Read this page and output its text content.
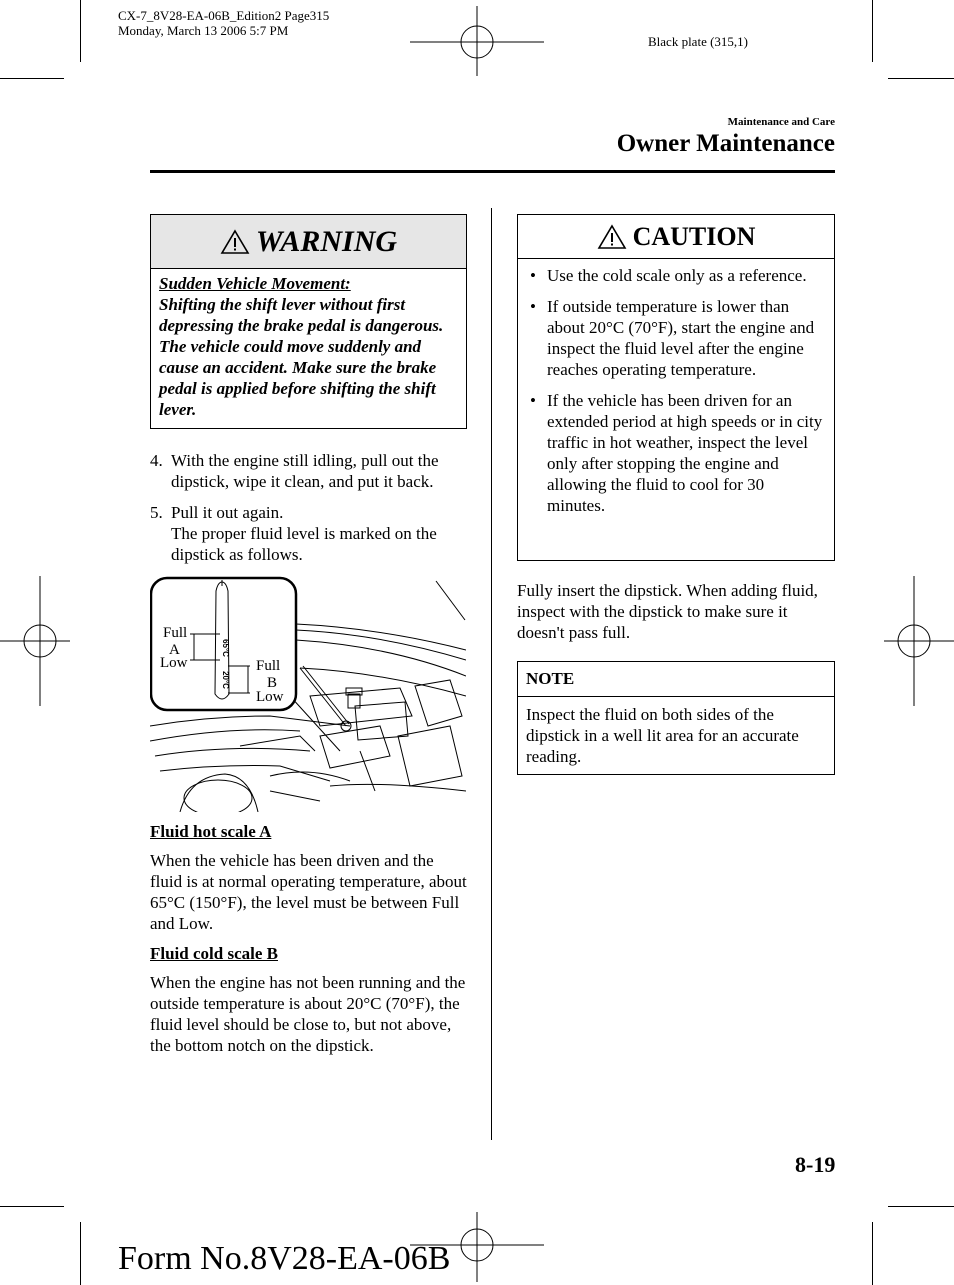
CX-7_8V28-EA-06B_Edition2 Page315
Monday, March 13 2006 5:7 PM
Black plate (315,1)
Maintenance and Care
Owner Maintenance
WARNING
Sudden Vehicle Movement:
Shifting the shift lever without first depressing the brake pedal is dangerous. The vehicle could move suddenly and cause an accident. Make sure the brake pedal is applied before shifting the shift lever.
4. With the engine still idling, pull out the dipstick, wipe it clean, and put it back.
5. Pull it out again.
The proper fluid level is marked on the dipstick as follows.
65°C
20°C
Full
A
Low	Full
B
Low
Fluid hot scale A
When the vehicle has been driven and the fluid is at normal operating temperature, about 65°C (150°F), the level must be between Full and Low.
Fluid cold scale B
When the engine has not been running and the outside temperature is about 20°C (70°F), the fluid level should be close to, but not above, the bottom notch on the dipstick.
CAUTION
• Use the cold scale only as a reference.
• If outside temperature is lower than about 20°C (70°F), start the engine and inspect the fluid level after the engine reaches operating temperature.
• If the vehicle has been driven for an extended period at high speeds or in city traffic in hot weather, inspect the level only after stopping the engine and allowing the fluid to cool for 30 minutes.
Fully insert the dipstick. When adding fluid, inspect with the dipstick to make sure it doesn't pass full.
NOTE
Inspect the fluid on both sides of the dipstick in a well lit area for an accurate reading.
8-19
Form No.8V28-EA-06B
